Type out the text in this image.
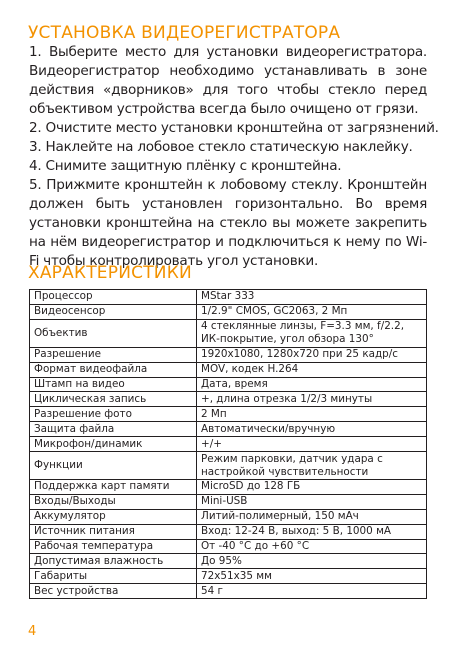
УСТАНОВКА ВИДЕОРЕГИСТРАТОРА
1. Выберите место для установки видеорегистратора.
Видеорегистратор необходимо устанавливать в зоне
действия «дворников» для того чтобы стекло перед
объективом устройства всегда было очищено от грязи.
2. Очистите место установки кронштейна от загрязнений.
3. Наклейте на лобовое стекло статическую наклейку.
4. Снимите защитную плёнку с кронштейна.
5. Прижмите кронштейн к лобовому стеклу. Кронштейн
должен быть установлен горизонтально. Во время
установки кронштейна на стекло вы можете закрепить
на нём видеорегистратор и подключиться к нему по Wi-
Fi чтобы контролировать угол установки.
ХАРАКТЕРИСТИКИ
Процессор	MStar 333

Видеосенсор	1/2.9" CMOS, GC2063, 2 Мп

Объектив	4 стеклянные линзы, F=3.3 мм, f/2.2,
ИК-покрытие, угол обзора 130°

Разрешение	1920x1080, 1280x720 при 25 кадр/с

Формат видеофайла	MOV, кодек H.264

Штамп на видео	Дата, время

Циклическая запись	+, длина отрезка 1/2/3 минуты

Разрешение фото	2 Мп

Защита файла	Автоматически/вручную

Микрофон/динамик	+/+

Функции	Режим парковки, датчик удара с
настройкой чувствительности

Поддержка карт памяти	MicroSD до 128 ГБ

Входы/Выходы	Mini-USB

Аккумулятор	Литий-полимерный, 150 мАч

Источник питания	Вход: 12-24 В, выход: 5 В, 1000 мА

Рабочая температура	От -40 °C до +60 °C

Допустимая влажность	До 95%

Габариты	72x51x35 мм

Вес устройства	54 г
4
